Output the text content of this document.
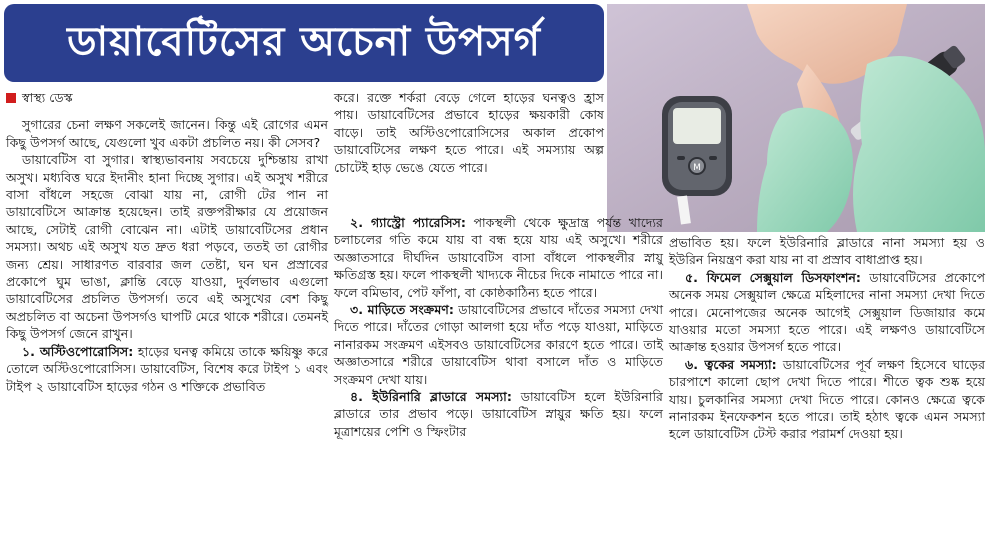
ডায়াবেটিসের অচেনা উপসর্গ
M
স্বাস্থ্য ডেস্ক

সুগারের চেনা লক্ষণ সকলেই জানেন। কিন্তু এই রোগের এমন কিছু উপসর্গ আছে, যেগুলো খুব একটা প্রচলিত নয়। কী সেসব?

ডায়াবেটিস বা সুগার। স্বাস্থ্যভাবনায় সবচেয়ে দুশ্চিন্তায় রাখা অসুখ। মধ্যবিত্ত ঘরে ইদানীং হানা দিচ্ছে সুগার। এই অসুখ শরীরে বাসা বাঁধলে সহজে বোঝা যায় না, রোগী টের পান না ডায়াবেটিসে আক্রান্ত হয়েছেন। তাই রক্তপরীক্ষার যে প্রয়োজন আছে, সেটাই রোগী বোঝেন না। এটাই ডায়াবেটিসের প্রধান সমস্যা। অথচ এই অসুখ যত দ্রুত ধরা পড়বে, ততই তা রোগীর জন্য শ্রেয়। সাধারণত বারবার জল তেষ্টা, ঘন ঘন প্রস্রাবের প্রকোপে ঘুম ভাঙা, ক্লান্তি বেড়ে যাওয়া, দুর্বলভাব এগুলো ডায়াবেটিসের প্রচলিত উপসর্গ। তবে এই অসুখের বেশ কিছু অপ্রচলিত বা অচেনা উপসর্গও ঘাপটি মেরে থাকে শরীরে। তেমনই কিছু উপসর্গ জেনে রাখুন।

১. অস্টিওপোরোসিস: হাড়ের ঘনত্ব কমিয়ে তাকে ক্ষয়িষ্ণু করে তোলে অস্টিওপোরোসিস। ডায়াবেটিস, বিশেষ করে টাইপ ১ এবং টাইপ ২ ডায়াবেটিস হাড়ের গঠন ও শক্তিকে প্রভাবিত

করে। রক্তে শর্করা বেড়ে গেলে হাড়ের ঘনত্বও হ্রাস পায়। ডায়াবেটিসের প্রভাবে হাড়ের ক্ষয়কারী কোষ বাড়ে। তাই অস্টিওপোরোসিসের অকাল প্রকোপ ডায়াবেটিসের লক্ষণ হতে পারে। এই সমস্যায় অল্প চোটেই হাড় ভেঙে যেতে পারে।

২. গ্যাস্ট্রো প্যারেসিস: পাকস্থলী থেকে ক্ষুদ্রান্ত্র পর্যন্ত খাদ্যের চলাচলের গতি কমে যায় বা বন্ধ হয়ে যায় এই অসুখে। শরীরে অজ্ঞাতসারে দীর্ঘদিন ডায়াবেটিস বাসা বাঁধলে পাকস্থলীর স্নায়ু ক্ষতিগ্রস্ত হয়। ফলে পাকস্থলী খাদ্যকে নীচের দিকে নামাতে পারে না। ফলে বমিভাব, পেট ফাঁপা, বা কোষ্ঠকাঠিন্য হতে পারে।

৩. মাড়িতে সংক্রমণ: ডায়াবেটিসের প্রভাবে দাঁতের সমস্যা দেখা দিতে পারে। দাঁতের গোড়া আলগা হয়ে দাঁত পড়ে যাওয়া, মাড়িতে নানারকম সংক্রমণ এইসবও ডায়াবেটিসের কারণে হতে পারে। তাই অজ্ঞাতসারে শরীরে ডায়াবেটিস থাবা বসালে দাঁত ও মাড়িতে সংক্রমণ দেখা যায়।

৪. ইউরিনারি ব্লাডারে সমস্যা: ডায়াবেটিস হলে ইউরিনারি ব্লাডারে তার প্রভাব পড়ে। ডায়াবেটিস স্নায়ুর ক্ষতি হয়। ফলে মূত্রাশয়ের পেশি ও স্ফিংটার

প্রভাবিত হয়। ফলে ইউরিনারি ব্লাডারে নানা সমস্যা হয় ও ইউরিন নিয়ন্ত্রণ করা যায় না বা প্রস্রাব বাধাপ্রাপ্ত হয়।

৫. ফিমেল সেক্সুয়াল ডিসফাংশন: ডায়াবেটিসের প্রকোপে অনেক সময় সেক্সুয়াল ক্ষেত্রে মহিলাদের নানা সমস্যা দেখা দিতে পারে। মেনোপজের অনেক আগেই সেক্সুয়াল ডিজায়ার কমে যাওয়ার মতো সমস্যা হতে পারে। এই লক্ষণও ডায়াবেটিসে আক্রান্ত হওয়ার উপসর্গ হতে পারে।

৬. ত্বকের সমস্যা: ডায়াবেটিসের পূর্ব লক্ষণ হিসেবে ঘাড়ের চারপাশে কালো ছোপ দেখা দিতে পারে। শীতে ত্বক শুষ্ক হয়ে যায়। চুলকানির সমস্যা দেখা দিতে পারে। কোনও ক্ষেত্রে ত্বকে নানারকম ইনফেকশন হতে পারে। তাই হঠাৎ ত্বকে এমন সমস্যা হলে ডায়াবেটিস টেস্ট করার পরামর্শ দেওয়া হয়।
